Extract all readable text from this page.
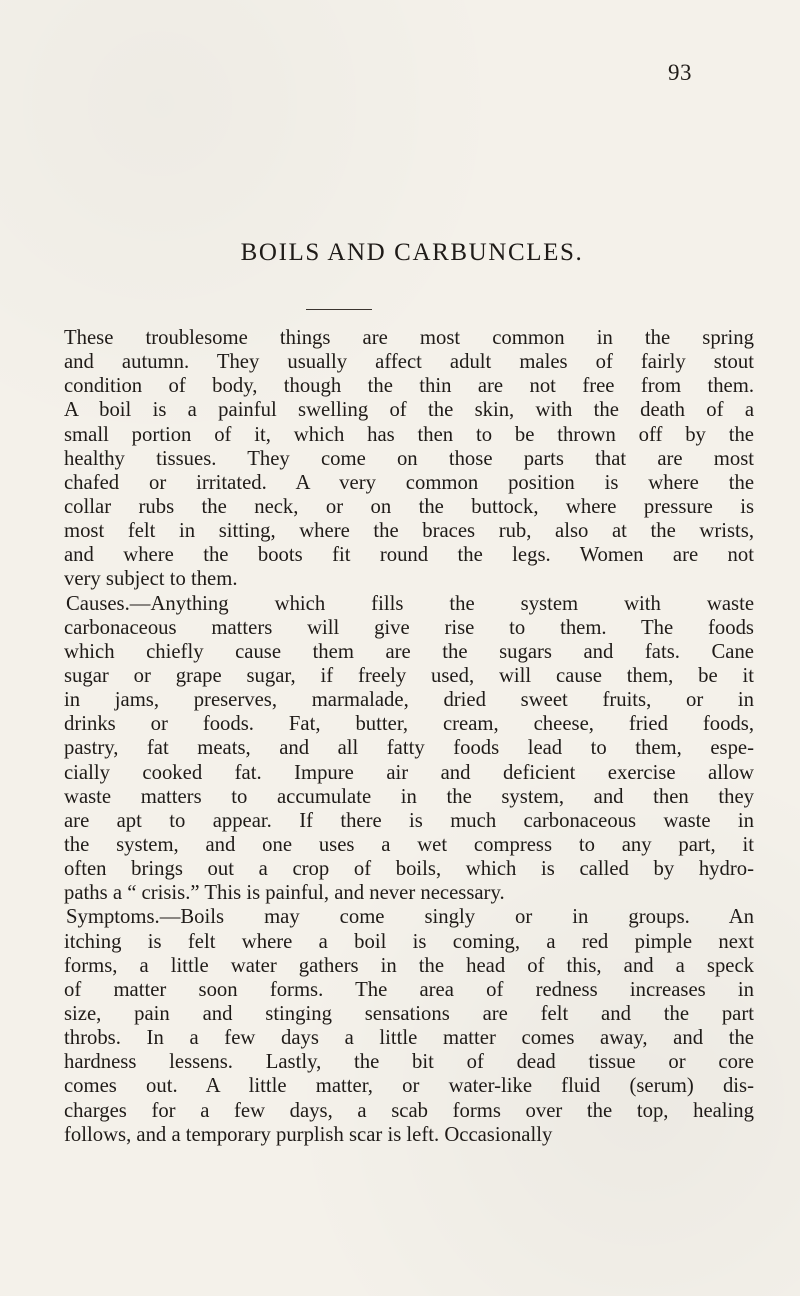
93
BOILS AND CARBUNCLES.
These troublesome things are most common in the spring
and autumn. They usually affect adult males of fairly stout
condition of body, though the thin are not free from them.
A boil is a painful swelling of the skin, with the death of a
small portion of it, which has then to be thrown off by the
healthy tissues. They come on those parts that are most
chafed or irritated. A very common position is where the
collar rubs the neck, or on the buttock, where pressure is
most felt in sitting, where the braces rub, also at the wrists,
and where the boots fit round the legs. Women are not
very subject to them.
Causes.—Anything which fills the system with waste
carbonaceous matters will give rise to them. The foods
which chiefly cause them are the sugars and fats. Cane
sugar or grape sugar, if freely used, will cause them, be it
in jams, preserves, marmalade, dried sweet fruits, or in
drinks or foods. Fat, butter, cream, cheese, fried foods,
pastry, fat meats, and all fatty foods lead to them, espe-
cially cooked fat. Impure air and deficient exercise allow
waste matters to accumulate in the system, and then they
are apt to appear. If there is much carbonaceous waste in
the system, and one uses a wet compress to any part, it
often brings out a crop of boils, which is called by hydro-
paths a “ crisis.” This is painful, and never necessary.
Symptoms.—Boils may come singly or in groups. An
itching is felt where a boil is coming, a red pimple next
forms, a little water gathers in the head of this, and a speck
of matter soon forms. The area of redness increases in
size, pain and stinging sensations are felt and the part
throbs. In a few days a little matter comes away, and the
hardness lessens. Lastly, the bit of dead tissue or core
comes out. A little matter, or water-like fluid (serum) dis-
charges for a few days, a scab forms over the top, healing
follows, and a temporary purplish scar is left. Occasionally
